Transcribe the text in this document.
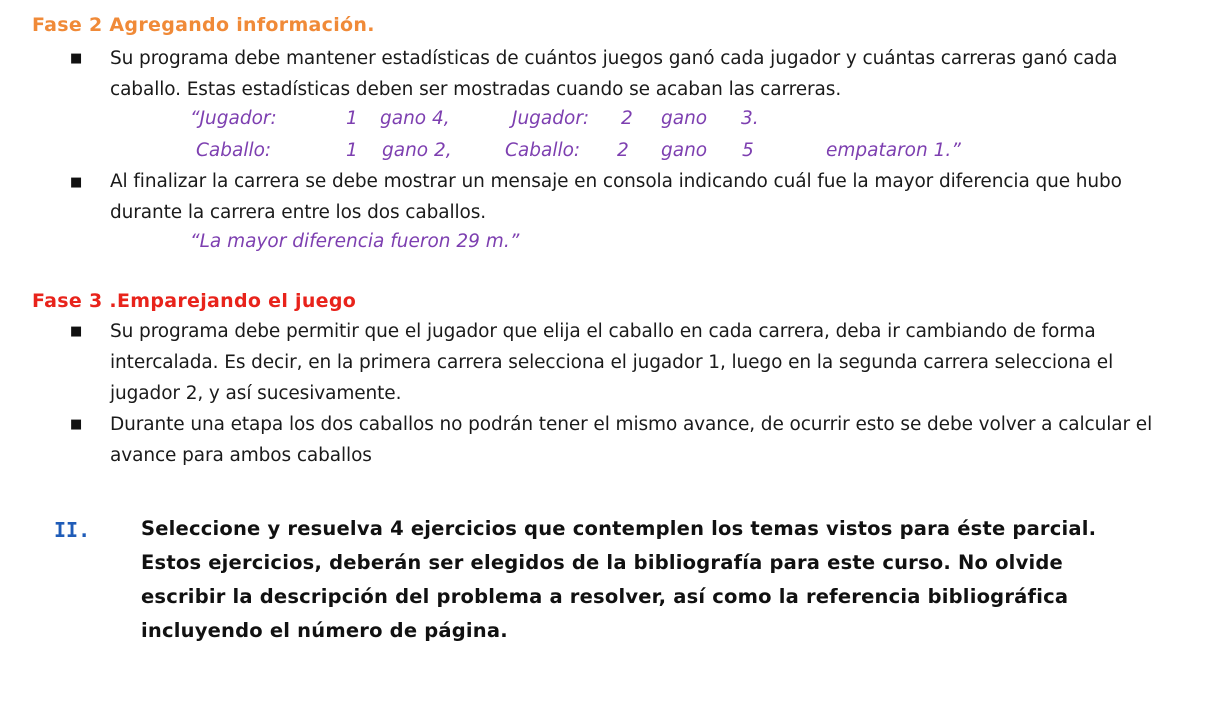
Fase 2 Agregando información.
■ Su programa debe mantener estadísticas de cuántos juegos ganó cada jugador y cuántas carreras ganó cada caballo. Estas estadísticas deben ser mostradas cuando se acaban las carreras.
“Jugador:	1 gano 4,	Jugador: 2 gano 3.
Caballo:	1 gano 2,	Caballo: 2 gano 5	empataron 1.”
■ Al finalizar la carrera se debe mostrar un mensaje en consola indicando cuál fue la mayor diferencia que hubo durante la carrera entre los dos caballos.
“La mayor diferencia fueron 29 m.”
Fase 3 .Emparejando el juego
■ Su programa debe permitir que el jugador que elija el caballo en cada carrera, deba ir cambiando de forma intercalada. Es decir, en la primera carrera selecciona el jugador 1, luego en la segunda carrera selecciona el jugador 2, y así sucesivamente.
■ Durante una etapa los dos caballos no podrán tener el mismo avance, de ocurrir esto se debe volver a calcular el avance para ambos caballos
II.	Seleccione y resuelva 4 ejercicios que contemplen los temas vistos para éste parcial. Estos ejercicios, deberán ser elegidos de la bibliografía para este curso. No olvide escribir la descripción del problema a resolver, así como la referencia bibliográfica incluyendo el número de página.
